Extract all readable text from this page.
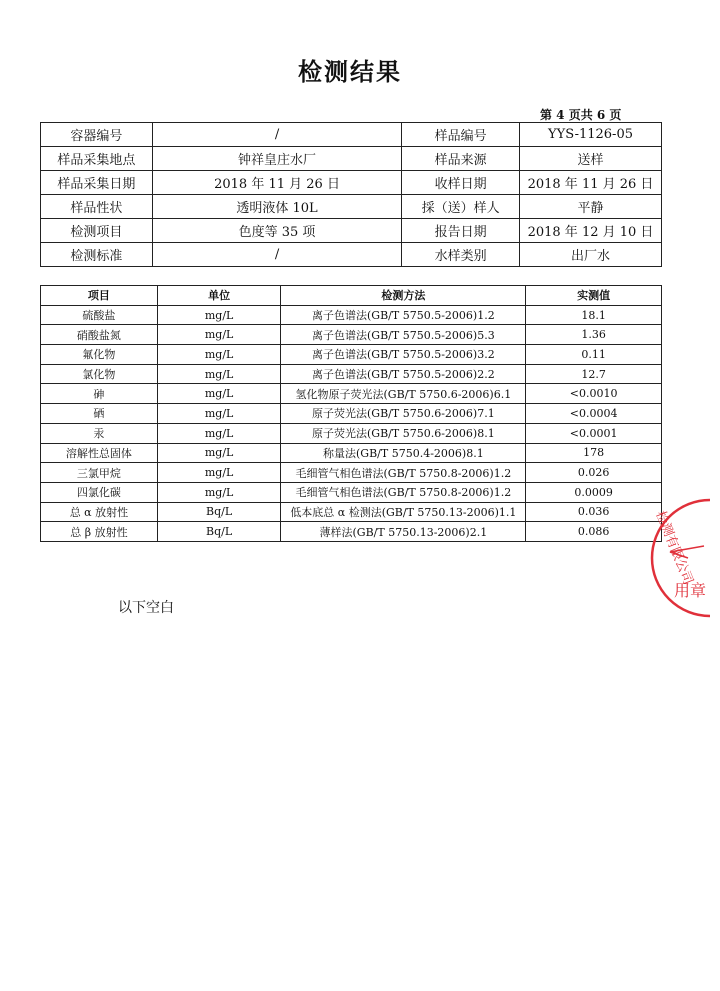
检测结果
第 4 页共 6 页
容器编号	/	样品编号	YYS-1126-05
样品采集地点	钟祥皇庄水厂	样品来源	送样
样品采集日期	2018 年 11 月 26 日	收样日期	2018 年 11 月 26 日
样品性状	透明液体 10L	採（送）样人	平静
检测项目	色度等 35 项	报告日期	2018 年 12 月 10 日
检测标准	/	水样类别	出厂水
项目	单位	检测方法	实测值
硫酸盐	mg/L	离子色谱法(GB/T 5750.5-2006)1.2	18.1
硝酸盐氮	mg/L	离子色谱法(GB/T 5750.5-2006)5.3	1.36
氟化物	mg/L	离子色谱法(GB/T 5750.5-2006)3.2	0.11
氯化物	mg/L	离子色谱法(GB/T 5750.5-2006)2.2	12.7
砷	mg/L	氢化物原子荧光法(GB/T 5750.6-2006)6.1	<0.0010
硒	mg/L	原子荧光法(GB/T 5750.6-2006)7.1	<0.0004
汞	mg/L	原子荧光法(GB/T 5750.6-2006)8.1	<0.0001
溶解性总固体	mg/L	称量法(GB/T 5750.4-2006)8.1	178
三氯甲烷	mg/L	毛细管气相色谱法(GB/T 5750.8-2006)1.2	0.026
四氯化碳	mg/L	毛细管气相色谱法(GB/T 5750.8-2006)1.2	0.0009
总 α 放射性	Bq/L	低本底总 α 检测法(GB/T 5750.13-2006)1.1	0.036
总 β 放射性	Bq/L	薄样法(GB/T 5750.13-2006)2.1	0.086
以下空白
检测有限公司
用章
